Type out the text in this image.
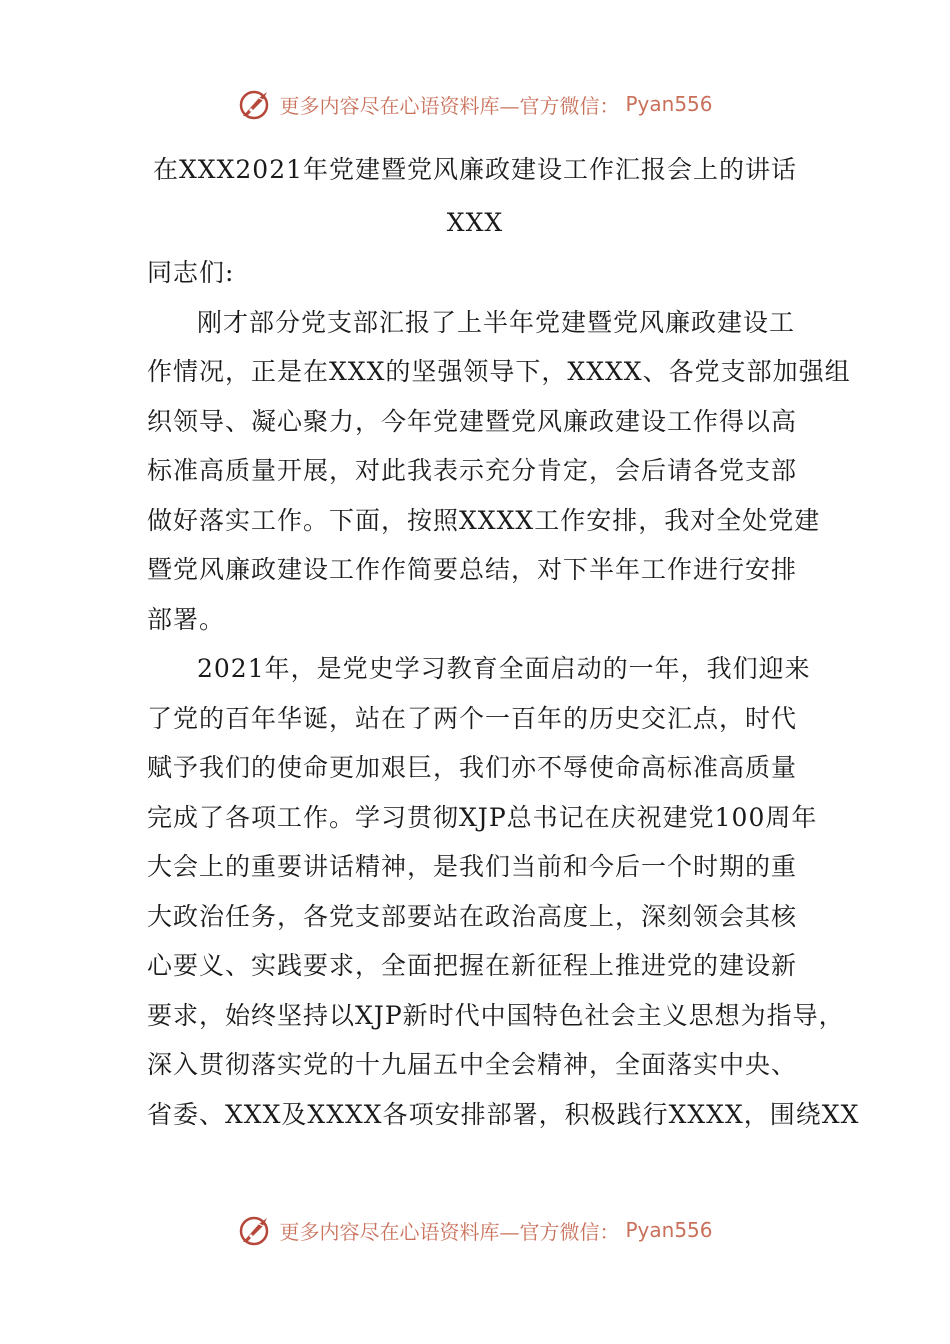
更多内容尽在心语资料库—官方微信： Pyan556
在XXX2021年党建暨党风廉政建设工作汇报会上的讲话
XXX
同志们:
刚才部分党支部汇报了上半年党建暨党风廉政建设工
作情况，正是在XXX的坚强领导下，XXXX、各党支部加强组
织领导、凝心聚力，今年党建暨党风廉政建设工作得以高
标准高质量开展，对此我表示充分肯定，会后请各党支部
做好落实工作。下面，按照XXXX工作安排，我对全处党建
暨党风廉政建设工作作简要总结，对下半年工作进行安排
部署。
2021年，是党史学习教育全面启动的一年，我们迎来
了党的百年华诞，站在了两个一百年的历史交汇点，时代
赋予我们的使命更加艰巨，我们亦不辱使命高标准高质量
完成了各项工作。学习贯彻XJP总书记在庆祝建党100周年
大会上的重要讲话精神，是我们当前和今后一个时期的重
大政治任务，各党支部要站在政治高度上，深刻领会其核
心要义、实践要求，全面把握在新征程上推进党的建设新
要求，始终坚持以XJP新时代中国特色社会主义思想为指导，
深入贯彻落实党的十九届五中全会精神，全面落实中央、
省委、XXX及XXXX各项安排部署，积极践行XXXX，围绕XX
更多内容尽在心语资料库—官方微信： Pyan556
